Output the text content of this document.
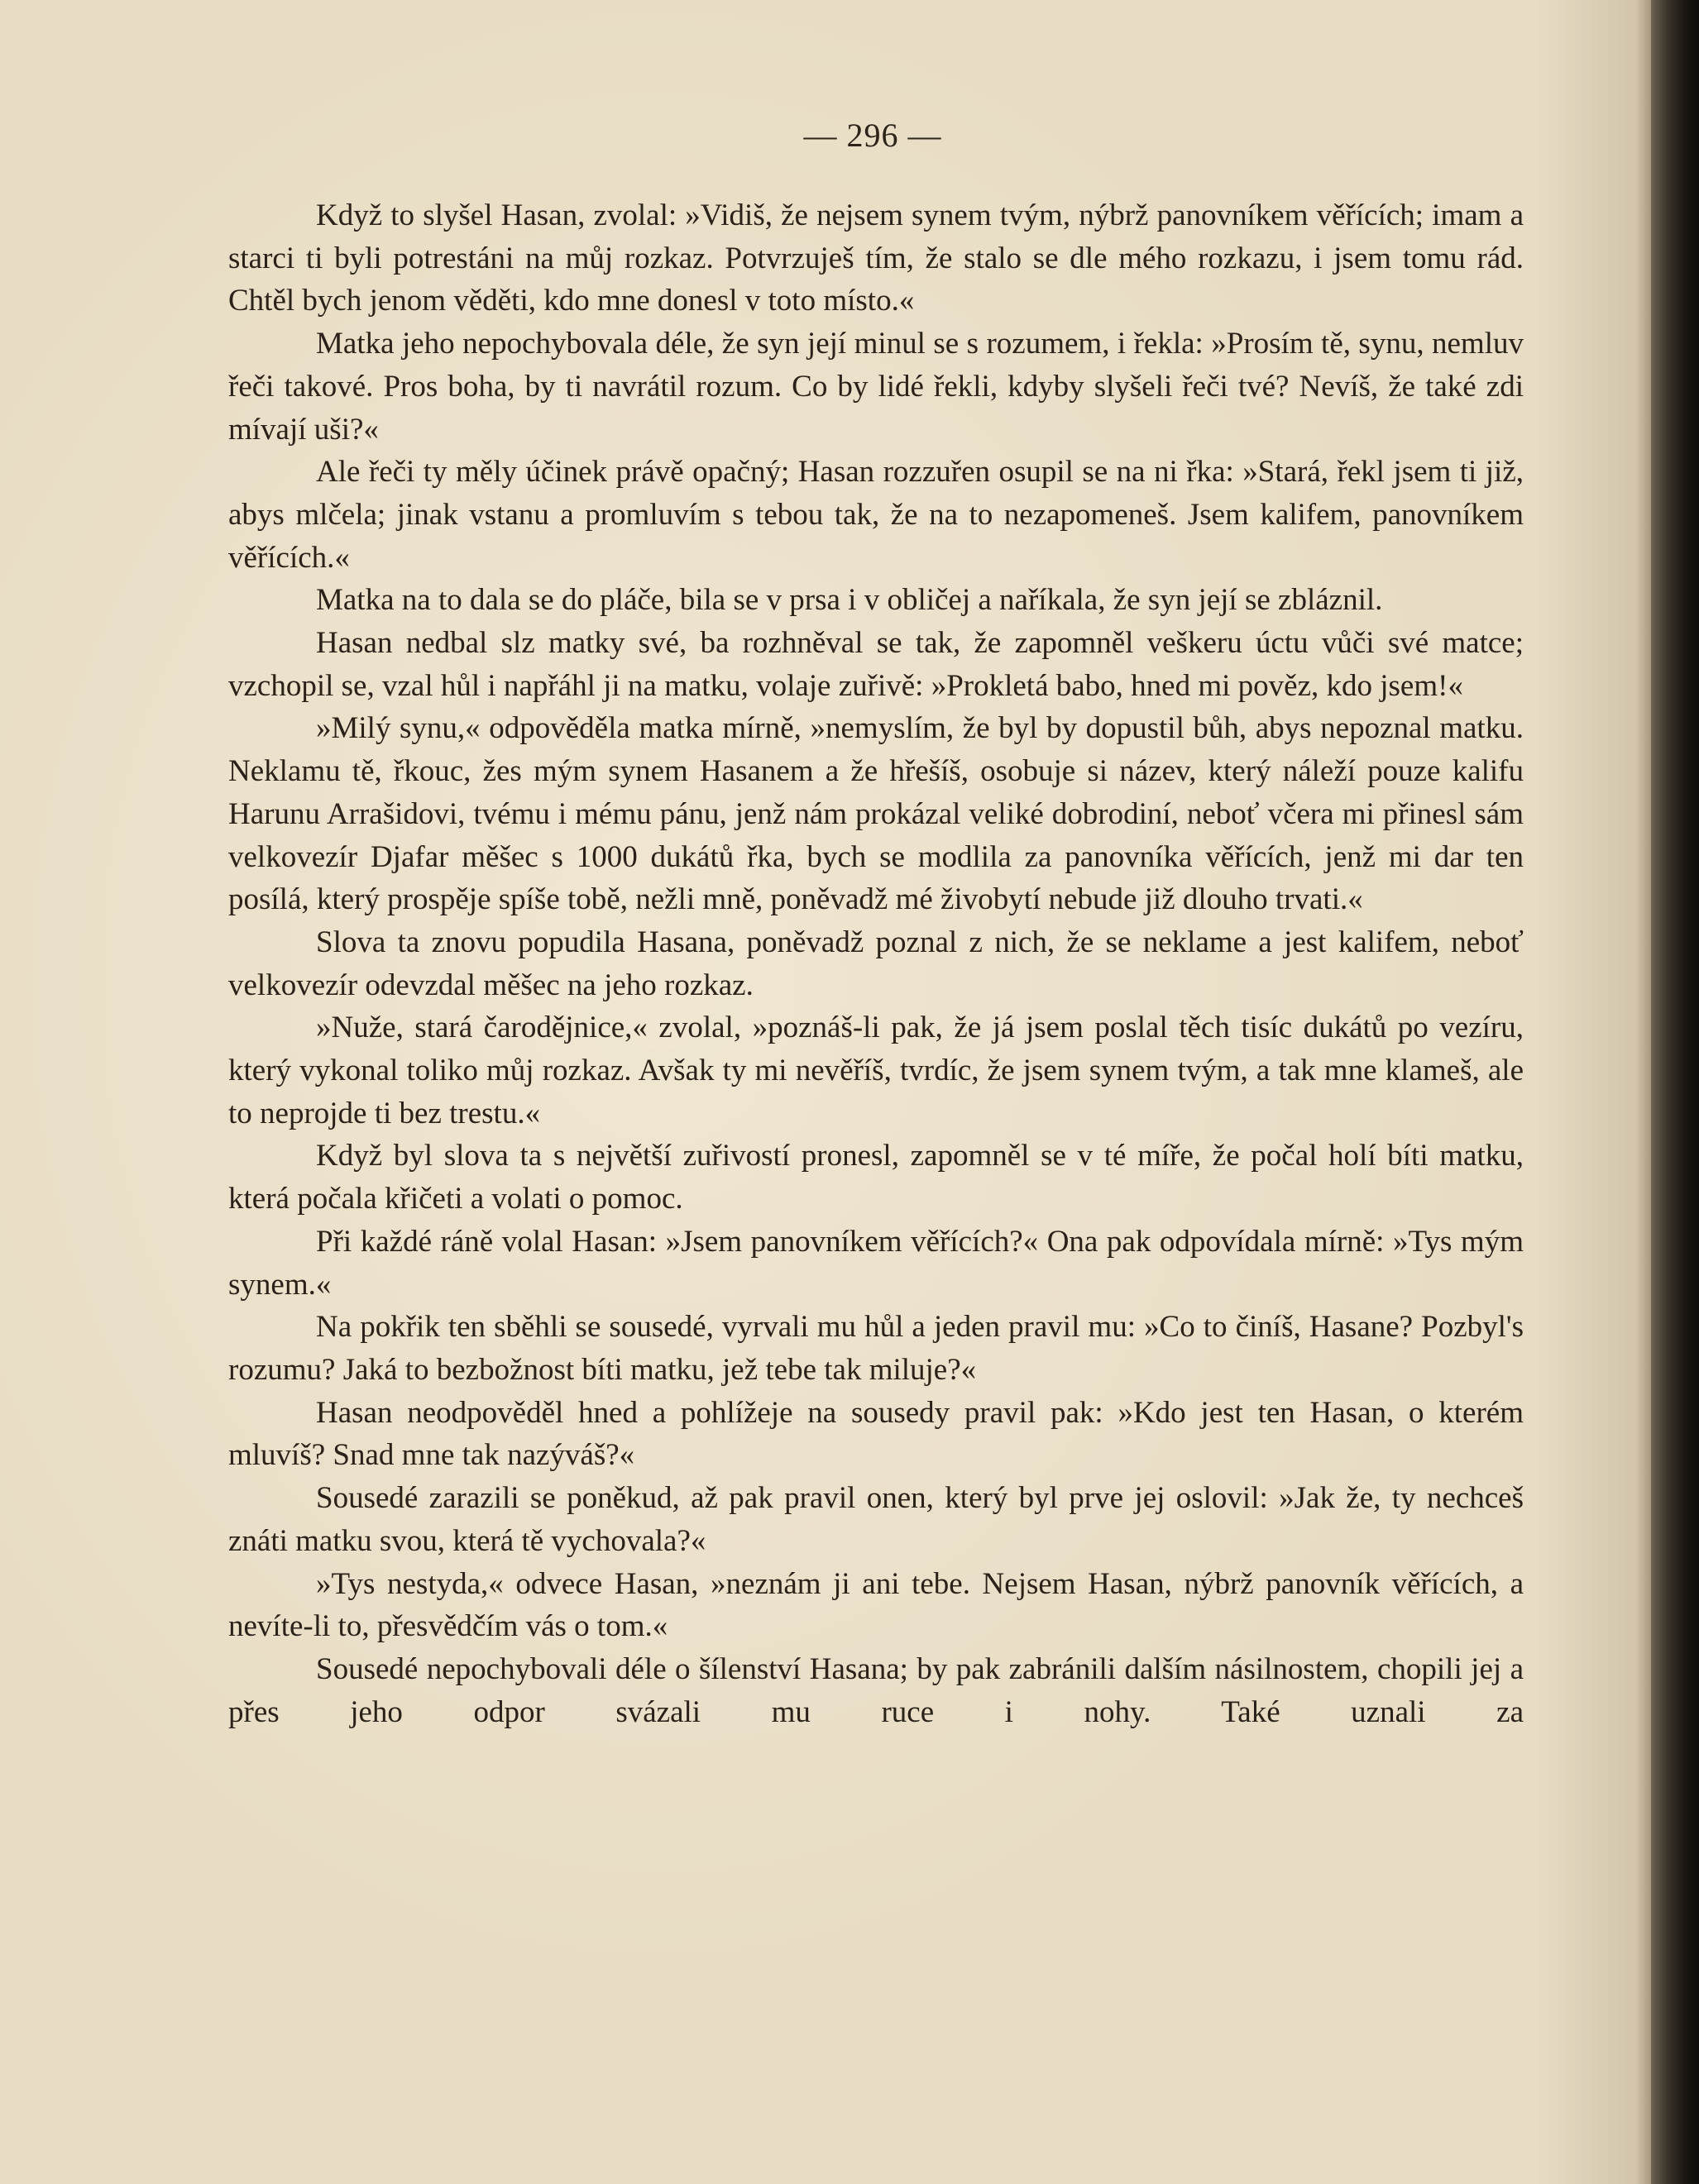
— 296 —

Když to slyšel Hasan, zvolal: »Vidiš, že nejsem synem tvým, nýbrž panovníkem věřících; imam a starci ti byli potrestáni na můj rozkaz. Potvrzuješ tím, že stalo se dle mého rozkazu, i jsem tomu rád. Chtěl bych jenom věděti, kdo mne donesl v toto místo.«

Matka jeho nepochybovala déle, že syn její minul se s rozumem, i řekla: »Prosím tě, synu, nemluv řeči takové. Pros boha, by ti navrátil rozum. Co by lidé řekli, kdyby slyšeli řeči tvé? Nevíš, že také zdi mívají uši?«

Ale řeči ty měly účinek právě opačný; Hasan rozzuřen osupil se na ni řka: »Stará, řekl jsem ti již, abys mlčela; jinak vstanu a promluvím s tebou tak, že na to nezapomeneš. Jsem kalifem, panovníkem věřících.«

Matka na to dala se do pláče, bila se v prsa i v obličej a naříkala, že syn její se zbláznil.

Hasan nedbal slz matky své, ba rozhněval se tak, že zapomněl veškeru úctu vůči své matce; vzchopil se, vzal hůl i napřáhl ji na matku, volaje zuřivě: »Prokletá babo, hned mi pověz, kdo jsem!«

»Milý synu,« odpověděla matka mírně, »nemyslím, že byl by dopustil bůh, abys nepoznal matku. Neklamu tě, řkouc, žes mým synem Hasanem a že hřešíš, osobuje si název, který náleží pouze kalifu Harunu Arrašidovi, tvému i mému pánu, jenž nám prokázal veliké dobrodiní, neboť včera mi přinesl sám velkovezír Djafar měšec s 1000 dukátů řka, bych se modlila za panovníka věřících, jenž mi dar ten posílá, který prospěje spíše tobě, nežli mně, poněvadž mé živobytí nebude již dlouho trvati.«

Slova ta znovu popudila Hasana, poněvadž poznal z nich, že se neklame a jest kalifem, neboť velkovezír odevzdal měšec na jeho rozkaz.

»Nuže, stará čarodějnice,« zvolal, »poznáš-li pak, že já jsem poslal těch tisíc dukátů po vezíru, který vykonal toliko můj rozkaz. Avšak ty mi nevěříš, tvrdíc, že jsem synem tvým, a tak mne klameš, ale to neprojde ti bez trestu.«

Když byl slova ta s největší zuřivostí pronesl, zapomněl se v té míře, že počal holí bíti matku, která počala křičeti a volati o pomoc.

Při každé ráně volal Hasan: »Jsem panovníkem věřících?« Ona pak odpovídala mírně: »Tys mým synem.«

Na pokřik ten sběhli se sousedé, vyrvali mu hůl a jeden pravil mu: »Co to činíš, Hasane? Pozbyl's rozumu? Jaká to bezbožnost bíti matku, jež tebe tak miluje?«

Hasan neodpověděl hned a pohlížeje na sousedy pravil pak: »Kdo jest ten Hasan, o kterém mluvíš? Snad mne tak nazýváš?«

Sousedé zarazili se poněkud, až pak pravil onen, který byl prve jej oslovil: »Jak že, ty nechceš znáti matku svou, která tě vychovala?«

»Tys nestyda,« odvece Hasan, »neznám ji ani tebe. Nejsem Hasan, nýbrž panovník věřících, a nevíte-li to, přesvědčím vás o tom.«

Sousedé nepochybovali déle o šílenství Hasana; by pak zabránili dalším násilnostem, chopili jej a přes jeho odpor svázali mu ruce i nohy. Také uznali za
